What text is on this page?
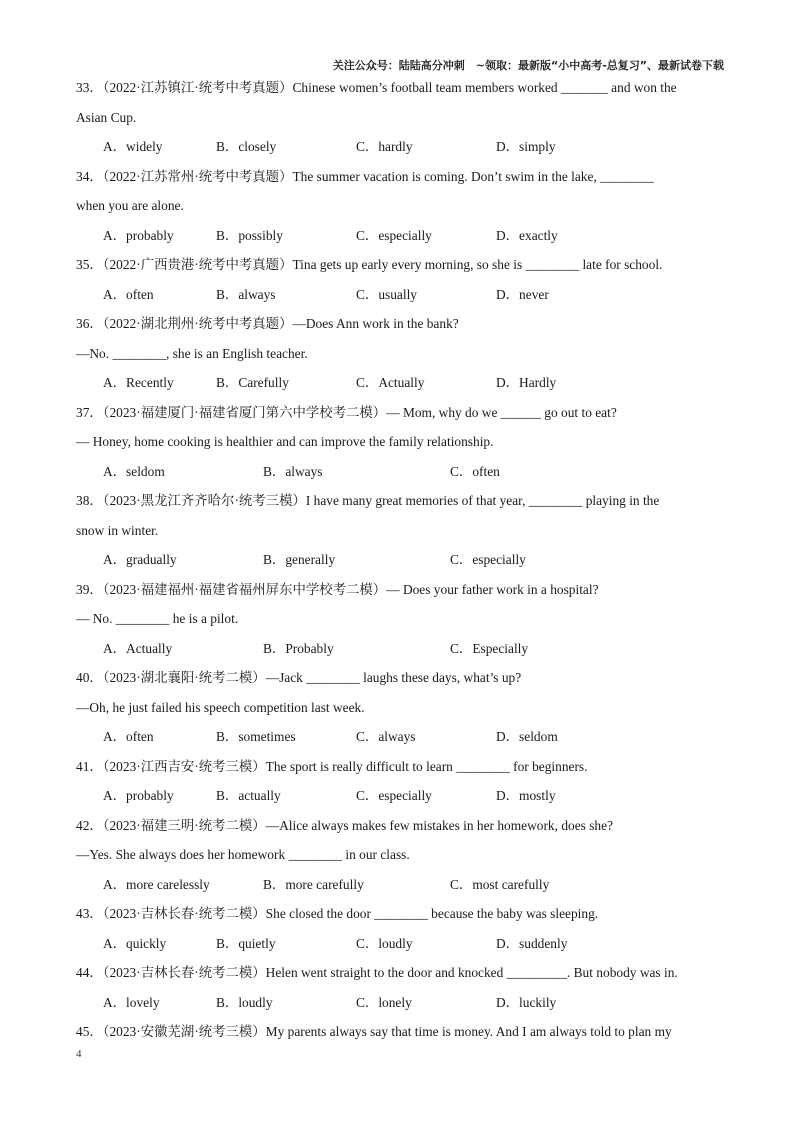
关注公众号：陆陆高分冲刺　~领取：最新版“小中高考-总复习”、最新试卷下载
33．（2022·江苏镇江·统考中考真题）Chinese women’s football team members worked _______ and won the
Asian Cup.
A．widely	B．closely	C．hardly	D．simply
34．（2022·江苏常州·统考中考真题）The summer vacation is coming. Don’t swim in the lake, ________
when you are alone.
A．probably	B．possibly	C．especially	D．exactly
35．（2022·广西贵港·统考中考真题）Tina gets up early every morning, so she is ________ late for school.
A．often	B．always	C．usually	D．never
36．（2022·湖北荆州·统考中考真题）—Does Ann work in the bank?
—No. ________, she is an English teacher.
A．Recently	B．Carefully	C．Actually	D．Hardly
37．（2023·福建厦门·福建省厦门第六中学校考二模）— Mom, why do we ______ go out to eat?
— Honey, home cooking is healthier and can improve the family relationship.
A．seldom	B．always	C．often
38．（2023·黑龙江齐齐哈尔·统考三模）I have many great memories of that year, ________ playing in the
snow in winter.
A．gradually	B．generally	C．especially
39．（2023·福建福州·福建省福州屏东中学校考二模）— Does your father work in a hospital?
— No. ________ he is a pilot.
A．Actually	B．Probably	C．Especially
40．（2023·湖北襄阳·统考二模）—Jack ________ laughs these days, what’s up?
—Oh, he just failed his speech competition last week.
A．often	B．sometimes	C．always	D．seldom
41．（2023·江西吉安·统考三模）The sport is really difficult to learn ________ for beginners.
A．probably	B．actually	C．especially	D．mostly
42．（2023·福建三明·统考二模）—Alice always makes few mistakes in her homework, does she?
—Yes. She always does her homework ________ in our class.
A．more carelessly	B．more carefully	C．most carefully
43．（2023·吉林长春·统考二模）She closed the door ________ because the baby was sleeping.
A．quickly	B．quietly	C．loudly	D．suddenly
44．（2023·吉林长春·统考二模）Helen went straight to the door and knocked _________. But nobody was in.
A．lovely	B．loudly	C．lonely	D．luckily
45．（2023·安徽芜湖·统考三模）My parents always say that time is money. And I am always told to plan my
4
